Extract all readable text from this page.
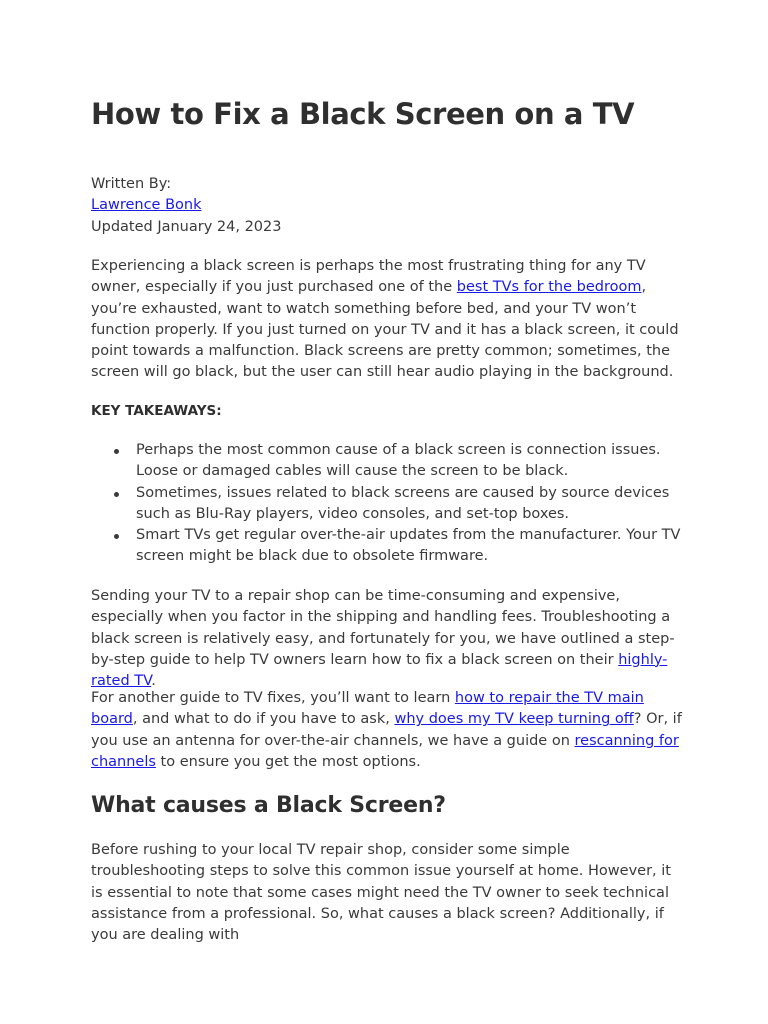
How to Fix a Black Screen on a TV
Written By:
Lawrence Bonk
Updated January 24, 2023

Experiencing a black screen is perhaps the most frustrating thing for any TV owner, especially if you just purchased one of the best TVs for the bedroom, you’re exhausted, want to watch something before bed, and your TV won’t function properly. If you just turned on your TV and it has a black screen, it could point towards a malfunction. Black screens are pretty common; sometimes, the screen will go black, but the user can still hear audio playing in the background.

KEY TAKEAWAYS:
Perhaps the most common cause of a black screen is connection issues. Loose or damaged cables will cause the screen to be black.
Sometimes, issues related to black screens are caused by source devices such as Blu-Ray players, video consoles, and set-top boxes.
Smart TVs get regular over-the-air updates from the manufacturer. Your TV screen might be black due to obsolete firmware.

Sending your TV to a repair shop can be time-consuming and expensive, especially when you factor in the shipping and handling fees. Troubleshooting a black screen is relatively easy, and fortunately for you, we have outlined a step-by-step guide to help TV owners learn how to fix a black screen on their highly-rated TV.

For another guide to TV fixes, you’ll want to learn how to repair the TV main board, and what to do if you have to ask, why does my TV keep turning off? Or, if you use an antenna for over-the-air channels, we have a guide on rescanning for channels to ensure you get the most options.

What causes a Black Screen?

Before rushing to your local TV repair shop, consider some simple troubleshooting steps to solve this common issue yourself at home. However, it is essential to note that some cases might need the TV owner to seek technical assistance from a professional. So, what causes a black screen? Additionally, if you are dealing with
